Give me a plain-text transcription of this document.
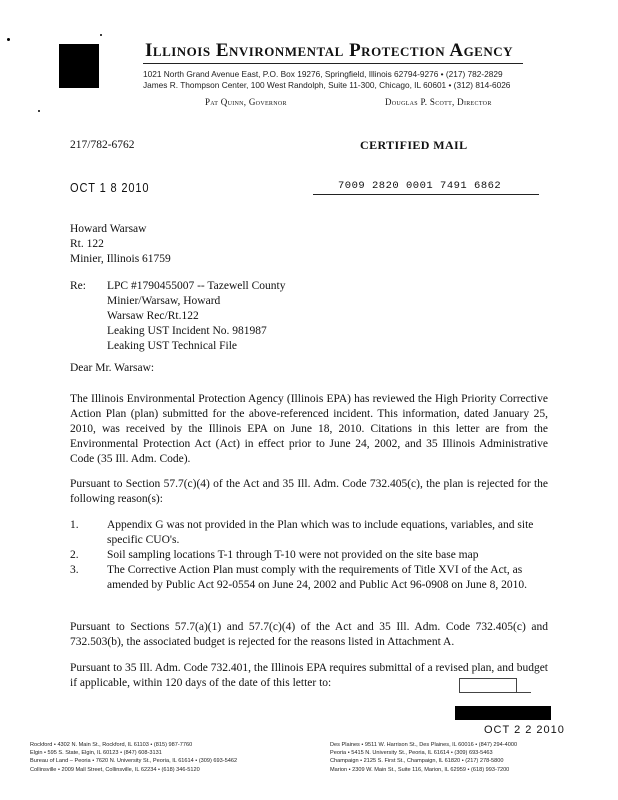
Illinois Environmental Protection Agency
1021 North Grand Avenue East, P.O. Box 19276, Springfield, Illinois 62794-9276 • (217) 782-2829
James R. Thompson Center, 100 West Randolph, Suite 11-300, Chicago, IL 60601 • (312) 814-6026
Pat Quinn, Governor	Douglas P. Scott, Director
217/782-6762	CERTIFIED MAIL
OCT 1 8 2010	7009 2820 0001 7491 6862
Howard Warsaw
Rt. 122
Minier, Illinois 61759
Re: LPC #1790455007 -- Tazewell County
Minier/Warsaw, Howard
Warsaw Rec/Rt.122
Leaking UST Incident No. 981987
Leaking UST Technical File
Dear Mr. Warsaw:
The Illinois Environmental Protection Agency (Illinois EPA) has reviewed the High Priority Corrective Action Plan (plan) submitted for the above-referenced incident. This information, dated January 25, 2010, was received by the Illinois EPA on June 18, 2010. Citations in this letter are from the Environmental Protection Act (Act) in effect prior to June 24, 2002, and 35 Illinois Administrative Code (35 Ill. Adm. Code).
Pursuant to Section 57.7(c)(4) of the Act and 35 Ill. Adm. Code 732.405(c), the plan is rejected for the following reason(s):
1. Appendix G was not provided in the Plan which was to include equations, variables, and site specific CUO's.
2. Soil sampling locations T-1 through T-10 were not provided on the site base map
3. The Corrective Action Plan must comply with the requirements of Title XVI of the Act, as amended by Public Act 92-0554 on June 24, 2002 and Public Act 96-0908 on June 8, 2010.
Pursuant to Sections 57.7(a)(1) and 57.7(c)(4) of the Act and 35 Ill. Adm. Code 732.405(c) and 732.503(b), the associated budget is rejected for the reasons listed in Attachment A.
Pursuant to 35 Ill. Adm. Code 732.401, the Illinois EPA requires submittal of a revised plan, and budget if applicable, within 120 days of the date of this letter to:
OCT 2 2 2010
Rockford • 4302 N. Main St., Rockford, IL 61103 • (815) 987-7760
Elgin • 595 S. State, Elgin, IL 60123 • (847) 608-3131
Bureau of Land – Peoria • 7620 N. University St., Peoria, IL 61614 • (309) 693-5462
Collinsville • 2009 Mall Street, Collinsville, IL 62234 • (618) 346-5120
Des Plaines • 9511 W. Harrison St., Des Plaines, IL 60016 • (847) 294-4000
Peoria • 5415 N. University St., Peoria, IL 61614 • (309) 693-5463
Champaign • 2125 S. First St., Champaign, IL 61820 • (217) 278-5800
Marion • 2309 W. Main St., Suite 116, Marion, IL 62959 • (618) 993-7200
